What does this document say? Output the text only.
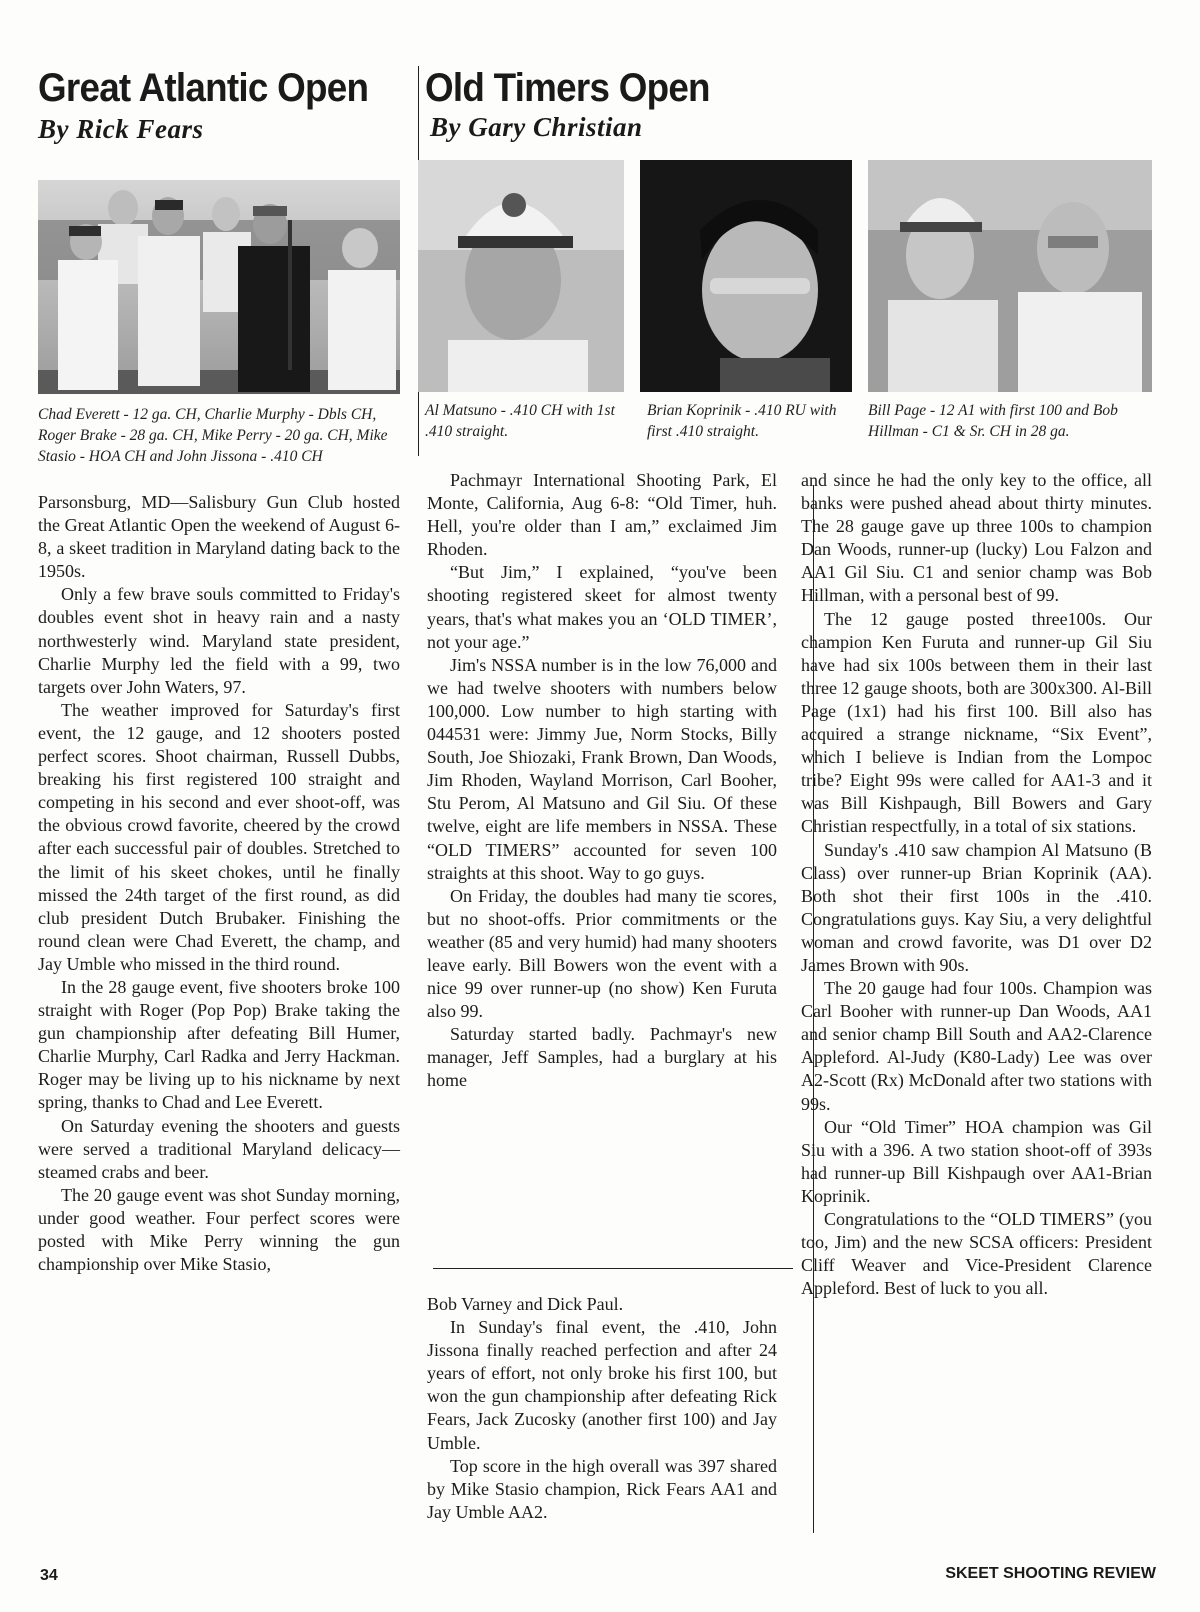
Great Atlantic Open
By Rick Fears
Old Timers Open
By Gary Christian
Chad Everett - 12 ga. CH, Charlie Murphy - Dbls CH, Roger Brake - 28 ga. CH, Mike Perry - 20 ga. CH, Mike Stasio - HOA CH and John Jissona - .410 CH
Al Matsuno - .410 CH with 1st .410 straight.
Brian Koprinik - .410 RU with first .410 straight.
Bill Page - 12 A1 with first 100 and Bob Hillman - C1 & Sr. CH in 28 ga.

Parsonsburg, MD—Salisbury Gun Club hosted the Great Atlantic Open the weekend of August 6-8, a skeet tradition in Maryland dating back to the 1950s.

Only a few brave souls committed to Friday's doubles event shot in heavy rain and a nasty northwesterly wind. Maryland state president, Charlie Murphy led the field with a 99, two targets over John Waters, 97.

The weather improved for Saturday's first event, the 12 gauge, and 12 shooters posted perfect scores. Shoot chairman, Russell Dubbs, breaking his first registered 100 straight and competing in his second and ever shoot-off, was the obvious crowd favorite, cheered by the crowd after each successful pair of doubles. Stretched to the limit of his skeet chokes, until he finally missed the 24th target of the first round, as did club president Dutch Brubaker. Finishing the round clean were Chad Everett, the champ, and Jay Umble who missed in the third round.

In the 28 gauge event, five shooters broke 100 straight with Roger (Pop Pop) Brake taking the gun championship after defeating Bill Humer, Charlie Murphy, Carl Radka and Jerry Hackman. Roger may be living up to his nickname by next spring, thanks to Chad and Lee Everett.

On Saturday evening the shooters and guests were served a traditional Maryland delicacy—steamed crabs and beer.

The 20 gauge event was shot Sunday morning, under good weather. Four perfect scores were posted with Mike Perry winning the gun championship over Mike Stasio,

Pachmayr International Shooting Park, El Monte, California, Aug 6-8: “Old Timer, huh. Hell, you're older than I am,” exclaimed Jim Rhoden.

“But Jim,” I explained, “you've been shooting registered skeet for almost twenty years, that's what makes you an ‘OLD TIMER’, not your age.”

Jim's NSSA number is in the low 76,000 and we had twelve shooters with numbers below 100,000. Low number to high starting with 044531 were: Jimmy Jue, Norm Stocks, Billy South, Joe Shiozaki, Frank Brown, Dan Woods, Jim Rhoden, Wayland Morrison, Carl Booher, Stu Perom, Al Matsuno and Gil Siu. Of these twelve, eight are life members in NSSA. These “OLD TIMERS” accounted for seven 100 straights at this shoot. Way to go guys.

On Friday, the doubles had many tie scores, but no shoot-offs. Prior commitments or the weather (85 and very humid) had many shooters leave early. Bill Bowers won the event with a nice 99 over runner-up (no show) Ken Furuta also 99.

Saturday started badly. Pachmayr's new manager, Jeff Samples, had a burglary at his home

Bob Varney and Dick Paul.

In Sunday's final event, the .410, John Jissona finally reached perfection and after 24 years of effort, not only broke his first 100, but won the gun championship after defeating Rick Fears, Jack Zucosky (another first 100) and Jay Umble.

Top score in the high overall was 397 shared by Mike Stasio champion, Rick Fears AA1 and Jay Umble AA2.

and since he had the only key to the office, all banks were pushed ahead about thirty minutes. The 28 gauge gave up three 100s to champion Dan Woods, runner-up (lucky) Lou Falzon and AA1 Gil Siu. C1 and senior champ was Bob Hillman, with a personal best of 99.

The 12 gauge posted three100s. Our champion Ken Furuta and runner-up Gil Siu have had six 100s between them in their last three 12 gauge shoots, both are 300x300. Al-Bill Page (1x1) had his first 100. Bill also has acquired a strange nickname, “Six Event”, which I believe is Indian from the Lompoc tribe? Eight 99s were called for AA1-3 and it was Bill Kishpaugh, Bill Bowers and Gary Christian respectfully, in a total of six stations.

Sunday's .410 saw champion Al Matsuno (B Class) over runner-up Brian Koprinik (AA). Both shot their first 100s in the .410. Congratulations guys. Kay Siu, a very delightful woman and crowd favorite, was D1 over D2 James Brown with 90s.

The 20 gauge had four 100s. Champion was Carl Booher with runner-up Dan Woods, AA1 and senior champ Bill South and AA2-Clarence Appleford. Al-Judy (K80-Lady) Lee was over A2-Scott (Rx) McDonald after two stations with 99s.

Our “Old Timer” HOA champion was Gil Siu with a 396. A two station shoot-off of 393s had runner-up Bill Kishpaugh over AA1-Brian Koprinik.

Congratulations to the “OLD TIMERS” (you too, Jim) and the new SCSA officers: President Cliff Weaver and Vice-President Clarence Appleford. Best of luck to you all.

34	SKEET SHOOTING REVIEW
